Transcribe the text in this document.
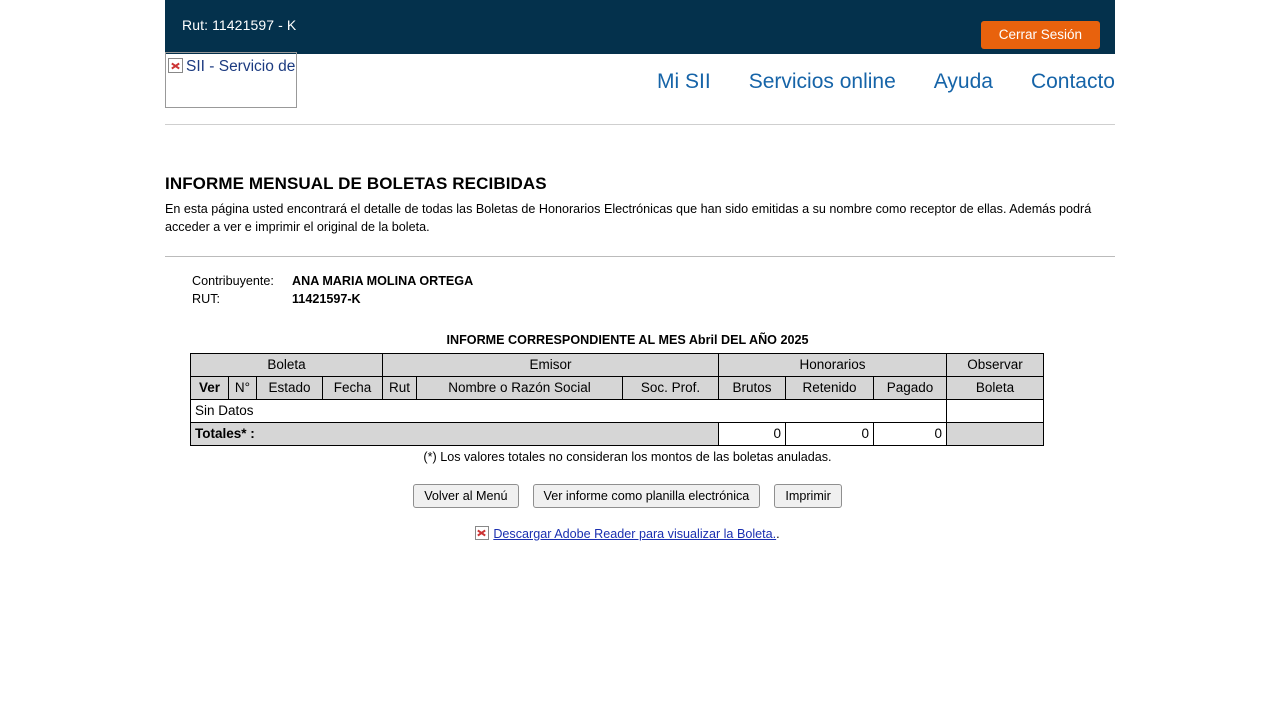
Rut: 11421597 - K
Cerrar Sesión
SII - Servicio de
Mi SII Servicios online Ayuda Contacto
INFORME MENSUAL DE BOLETAS RECIBIDAS

En esta página usted encontrará el detalle de todas las Boletas de Honorarios Electrónicas que han sido emitidas a su nombre como receptor de ellas. Además podrá acceder a ver e imprimir el original de la boleta.

Contribuyente:	ANA MARIA MOLINA ORTEGA
RUT:	11421597-K
INFORME CORRESPONDIENTE AL MES Abril DEL AÑO 2025
Boleta				Emisor			Honorarios			Observar
Ver	N°	Estado	Fecha	Rut	Nombre o Razón Social	Soc. Prof.	Brutos	Retenido	Pagado	Boleta
Sin Datos										
Totales* :							0	0	0	
(*) Los valores totales no consideran los montos de las boletas anuladas.
Volver al Menú	Ver informe como planilla electrónica	Imprimir
Descargar Adobe Reader para visualizar la Boleta..
